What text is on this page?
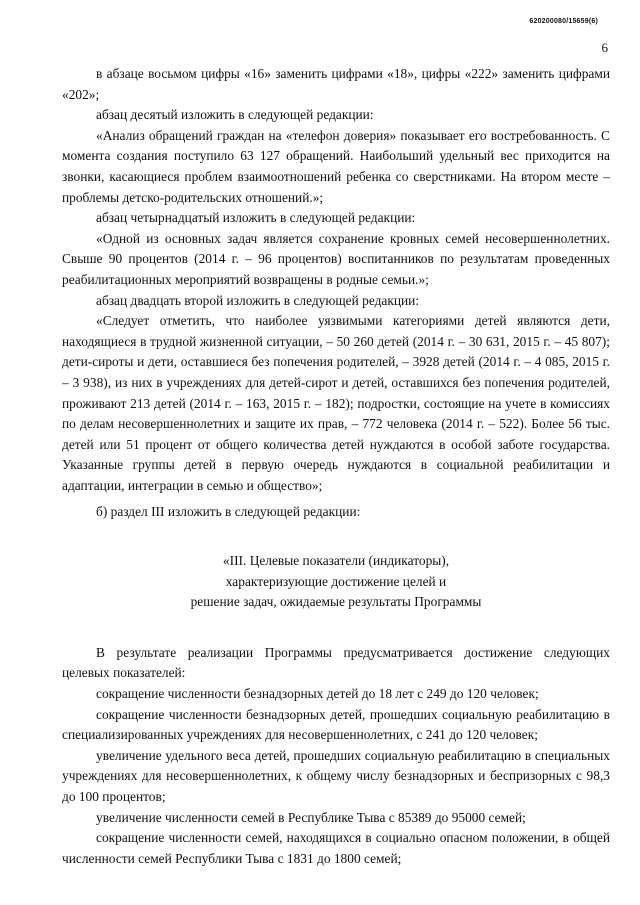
620200080/15659(6)
6

в абзаце восьмом цифры «16» заменить цифрами «18», цифры «222» заменить цифрами «202»;

абзац десятый изложить в следующей редакции:

«Анализ обращений граждан на «телефон доверия» показывает его востребованность. С момента создания поступило 63 127 обращений. Наибольший удельный вес приходится на звонки, касающиеся проблем взаимоотношений ребенка со сверстниками. На втором месте – проблемы детско-родительских отношений.»;

абзац четырнадцатый изложить в следующей редакции:

«Одной из основных задач является сохранение кровных семей несовершеннолетних. Свыше 90 процентов (2014 г. – 96 процентов) воспитанников по результатам проведенных реабилитационных мероприятий возвращены в родные семьи.»;

абзац двадцать второй изложить в следующей редакции:

«Следует отметить, что наиболее уязвимыми категориями детей являются дети, находящиеся в трудной жизненной ситуации, – 50 260 детей (2014 г. – 30 631, 2015 г. – 45 807); дети-сироты и дети, оставшиеся без попечения родителей, – 3928 детей (2014 г. – 4 085, 2015 г. – 3 938), из них в учреждениях для детей-сирот и детей, оставшихся без попечения родителей, проживают 213 детей (2014 г. – 163, 2015 г. – 182); подростки, состоящие на учете в комиссиях по делам несовершеннолетних и защите их прав, – 772 человека (2014 г. – 522). Более 56 тыс. детей или 51 процент от общего количества детей нуждаются в особой заботе государства. Указанные группы детей в первую очередь нуждаются в социальной реабилитации и адаптации, интеграции в семью и общество»;

б) раздел III изложить в следующей редакции:

«III. Целевые показатели (индикаторы),
характеризующие достижение целей и
решение задач, ожидаемые результаты Программы

В результате реализации Программы предусматривается достижение следующих целевых показателей:

сокращение численности безнадзорных детей до 18 лет с 249 до 120 человек;

сокращение численности безнадзорных детей, прошедших социальную реабилитацию в специализированных учреждениях для несовершеннолетних, с 241 до 120 человек;

увеличение удельного веса детей, прошедших социальную реабилитацию в специальных учреждениях для несовершеннолетних, к общему числу безнадзорных и беспризорных с 98,3 до 100 процентов;

увеличение численности семей в Республике Тыва с 85389 до 95000 семей;

сокращение численности семей, находящихся в социально опасном положении, в общей численности семей Республики Тыва с 1831 до 1800 семей;
